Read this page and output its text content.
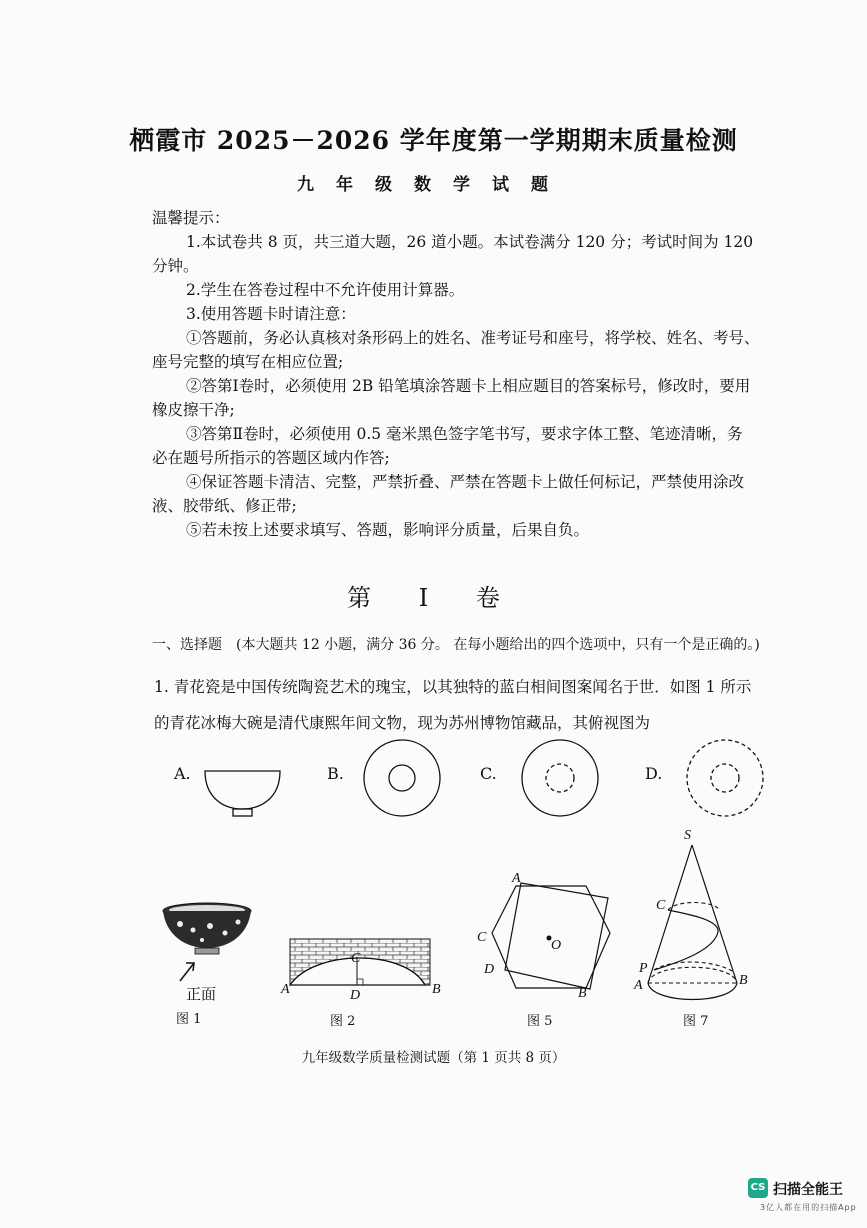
栖霞市 2025－2026 学年度第一学期期末质量检测
九年级数学试题
温馨提示：
1.本试卷共 8 页，共三道大题，26 道小题。本试卷满分 120 分；考试时间为 120
分钟。
2.学生在答卷过程中不允许使用计算器。
3.使用答题卡时请注意：
①答题前，务必认真核对条形码上的姓名、准考证号和座号，将学校、姓名、考号、
座号完整的填写在相应位置;
②答第Ⅰ卷时，必须使用 2B 铅笔填涂答题卡上相应题目的答案标号，修改时，要用
橡皮擦干净;
③答第Ⅱ卷时，必须使用 0.5 毫米黑色签字笔书写，要求字体工整、笔迹清晰，务
必在题号所指示的答题区域内作答;
④保证答题卡清洁、完整，严禁折叠、严禁在答题卡上做任何标记，严禁使用涂改
液、胶带纸、修正带;
⑤若未按上述要求填写、答题，影响评分质量，后果自负。
第 Ⅰ 卷
一、选择题　(本大题共 12 小题，满分 36 分。 在每小题给出的四个选项中，只有一个是正确的。)
1. 青花瓷是中国传统陶瓷艺术的瑰宝，以其独特的蓝白相间图案闻名于世．如图 1 所示
的青花冰梅大碗是清代康熙年间文物，现为苏州博物馆藏品，其俯视图为
A.	B.	C.	D.
正面
图 1
A	B
C
D
图 2
A
B
C
D
O
图 5
S
C
P
A	B
图 7
九年级数学质量检测试题（第 1 页共 8 页）
CS 扫描全能王
3亿人都在用的扫描App
